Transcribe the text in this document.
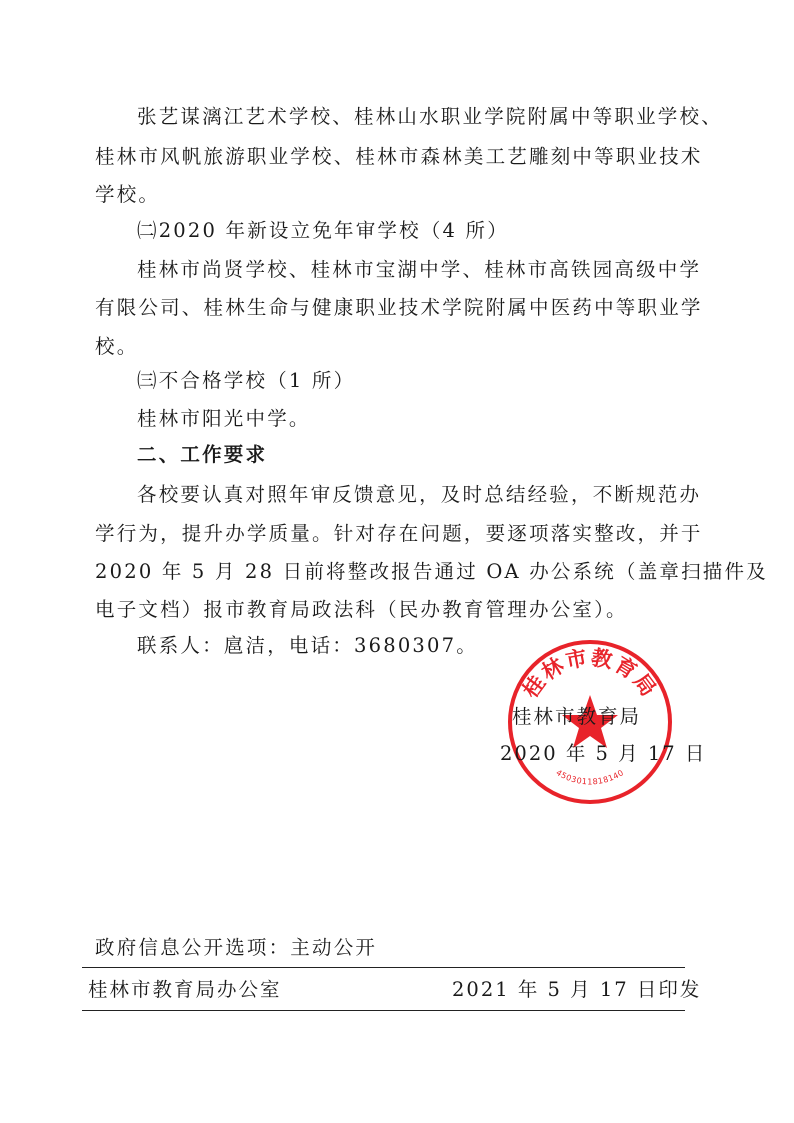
张艺谋漓江艺术学校、桂林山水职业学院附属中等职业学校、
桂林市风帆旅游职业学校、桂林市森林美工艺雕刻中等职业技术
学校。
㈡2020 年新设立免年审学校（4 所）
桂林市尚贤学校、桂林市宝湖中学、桂林市高铁园高级中学
有限公司、桂林生命与健康职业技术学院附属中医药中等职业学
校。
㈢不合格学校（1 所）
桂林市阳光中学。
二、工作要求
各校要认真对照年审反馈意见，及时总结经验，不断规范办
学行为，提升办学质量。针对存在问题，要逐项落实整改，并于
2020 年 5 月 28 日前将整改报告通过 OA 办公系统（盖章扫描件及
电子文档）报市教育局政法科（民办教育管理办公室）。
联系人：扈洁，电话：3680307。
桂林市教育局
4503011818140
桂林市教育局
2020 年 5 月 17 日
政府信息公开选项：主动公开
桂林市教育局办公室	2021 年 5 月 17 日印发
